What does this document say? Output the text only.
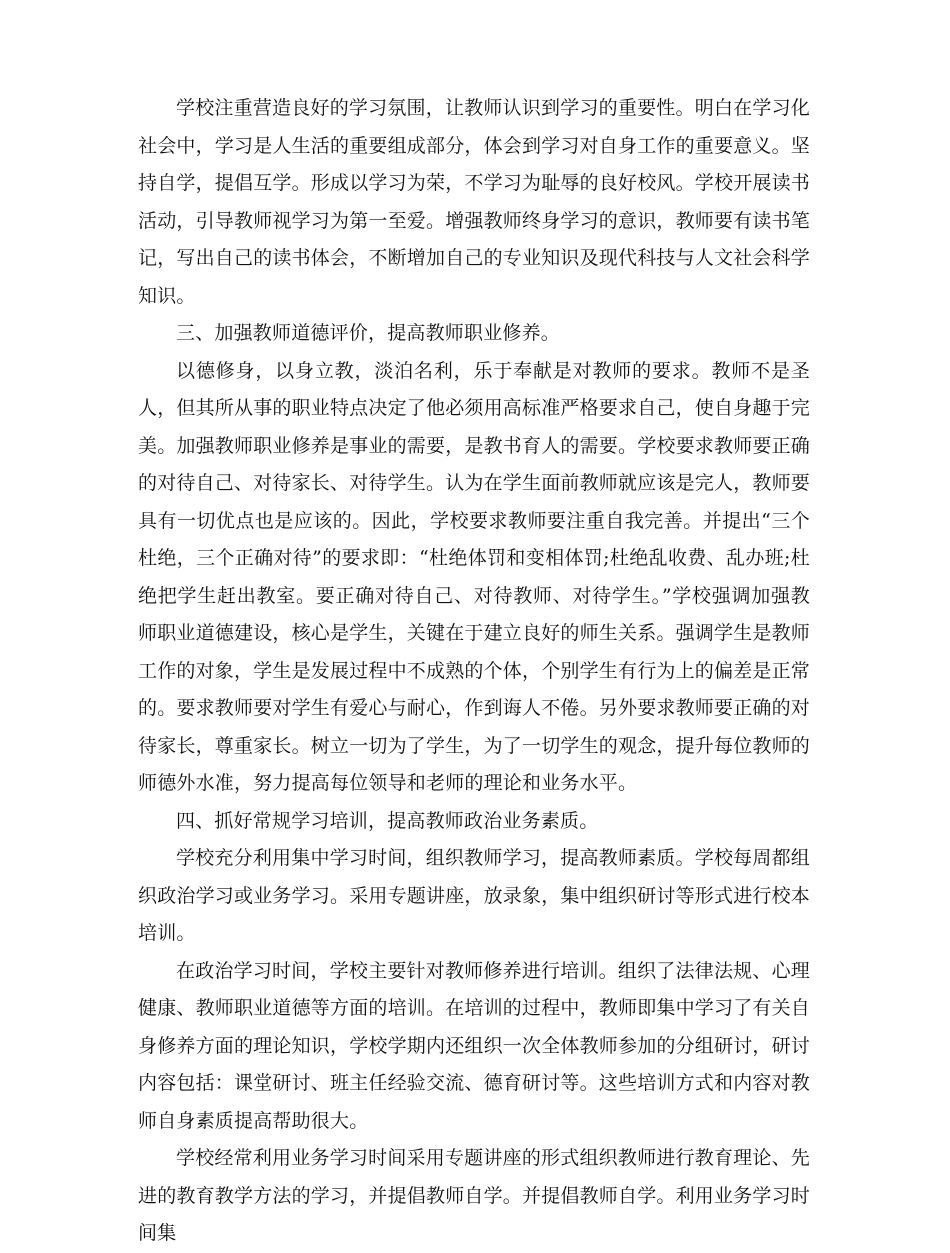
学校注重营造良好的学习氛围，让教师认识到学习的重要性。明白在学习化社会中，学习是人生活的重要组成部分，体会到学习对自身工作的重要意义。坚持自学，提倡互学。形成以学习为荣，不学习为耻辱的良好校风。学校开展读书活动，引导教师视学习为第一至爱。增强教师终身学习的意识，教师要有读书笔记，写出自己的读书体会，不断增加自己的专业知识及现代科技与人文社会科学知识。

三、加强教师道德评价，提高教师职业修养。

以德修身，以身立教，淡泊名利，乐于奉献是对教师的要求。教师不是圣人，但其所从事的职业特点决定了他必须用高标准严格要求自己，使自身趣于完美。加强教师职业修养是事业的需要，是教书育人的需要。学校要求教师要正确的对待自己、对待家长、对待学生。认为在学生面前教师就应该是完人，教师要具有一切优点也是应该的。因此，学校要求教师要注重自我完善。并提出“三个杜绝，三个正确对待”的要求即：“杜绝体罚和变相体罚;杜绝乱收费、乱办班;杜绝把学生赶出教室。要正确对待自己、对待教师、对待学生。”学校强调加强教师职业道德建设，核心是学生，关键在于建立良好的师生关系。强调学生是教师工作的对象，学生是发展过程中不成熟的个体，个别学生有行为上的偏差是正常的。要求教师要对学生有爱心与耐心，作到诲人不倦。另外要求教师要正确的对待家长，尊重家长。树立一切为了学生，为了一切学生的观念，提升每位教师的师德外水准，努力提高每位领导和老师的理论和业务水平。

四、抓好常规学习培训，提高教师政治业务素质。

学校充分利用集中学习时间，组织教师学习，提高教师素质。学校每周都组织政治学习或业务学习。采用专题讲座，放录象，集中组织研讨等形式进行校本培训。

在政治学习时间，学校主要针对教师修养进行培训。组织了法律法规、心理健康、教师职业道德等方面的培训。在培训的过程中，教师即集中学习了有关自身修养方面的理论知识，学校学期内还组织一次全体教师参加的分组研讨，研讨内容包括：课堂研讨、班主任经验交流、德育研讨等。这些培训方式和内容对教师自身素质提高帮助很大。

学校经常利用业务学习时间采用专题讲座的形式组织教师进行教育理论、先进的教育教学方法的学习，并提倡教师自学。并提倡教师自学。利用业务学习时间集
